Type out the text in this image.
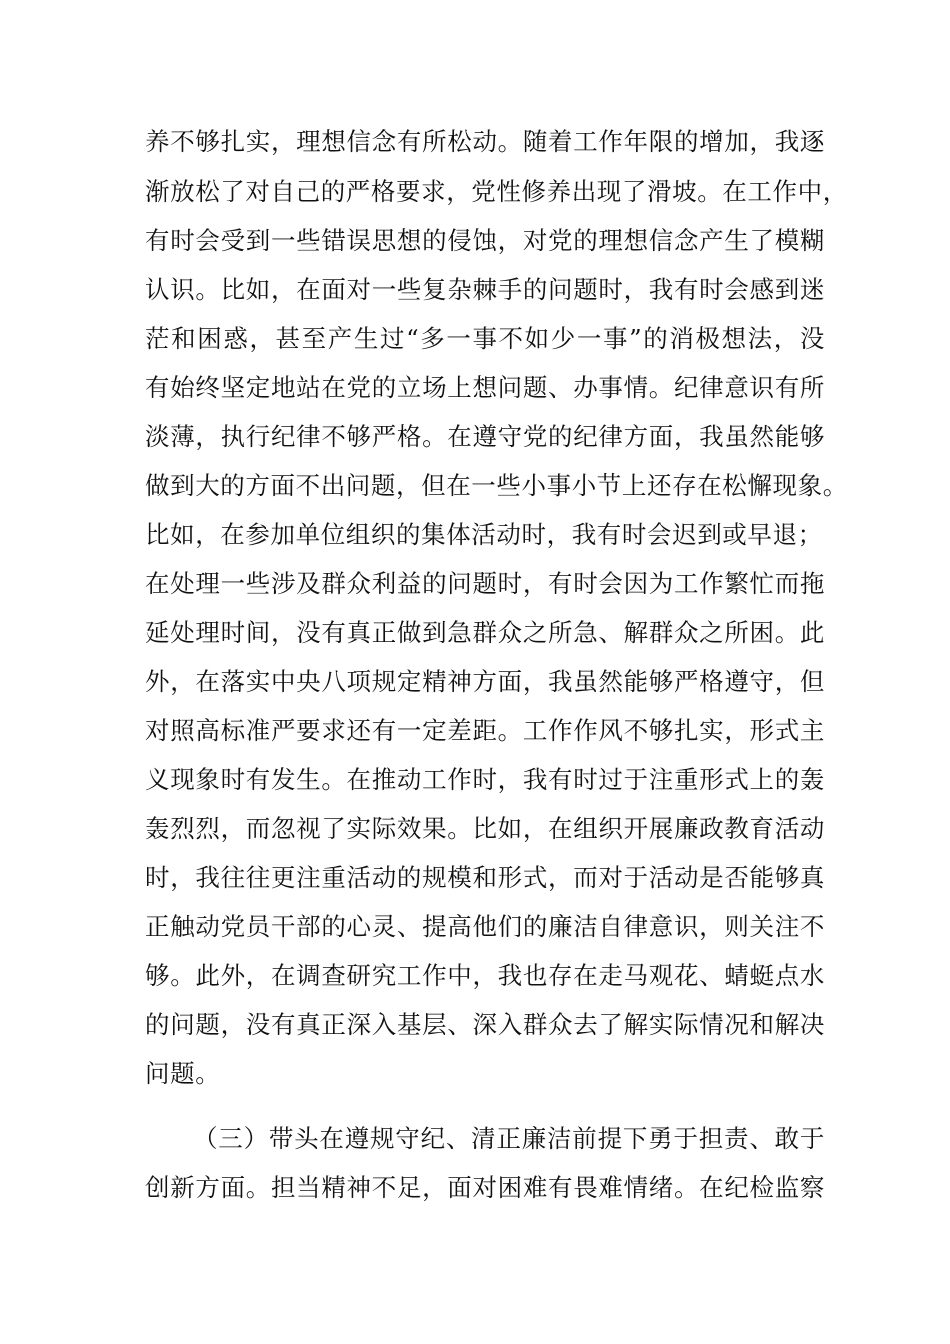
养不够扎实，理想信念有所松动。随着工作年限的增加，我逐
渐放松了对自己的严格要求，党性修养出现了滑坡。在工作中，
有时会受到一些错误思想的侵蚀，对党的理想信念产生了模糊
认识。比如，在面对一些复杂棘手的问题时，我有时会感到迷
茫和困惑，甚至产生过“多一事不如少一事”的消极想法，没
有始终坚定地站在党的立场上想问题、办事情。纪律意识有所
淡薄，执行纪律不够严格。在遵守党的纪律方面，我虽然能够
做到大的方面不出问题，但在一些小事小节上还存在松懈现象。
比如，在参加单位组织的集体活动时，我有时会迟到或早退；
在处理一些涉及群众利益的问题时，有时会因为工作繁忙而拖
延处理时间，没有真正做到急群众之所急、解群众之所困。此
外，在落实中央八项规定精神方面，我虽然能够严格遵守，但
对照高标准严要求还有一定差距。工作作风不够扎实，形式主
义现象时有发生。在推动工作时，我有时过于注重形式上的轰
轰烈烈，而忽视了实际效果。比如，在组织开展廉政教育活动
时，我往往更注重活动的规模和形式，而对于活动是否能够真
正触动党员干部的心灵、提高他们的廉洁自律意识，则关注不
够。此外，在调查研究工作中，我也存在走马观花、蜻蜓点水
的问题，没有真正深入基层、深入群众去了解实际情况和解决
问题。
（三）带头在遵规守纪、清正廉洁前提下勇于担责、敢于
创新方面。担当精神不足，面对困难有畏难情绪。在纪检监察
